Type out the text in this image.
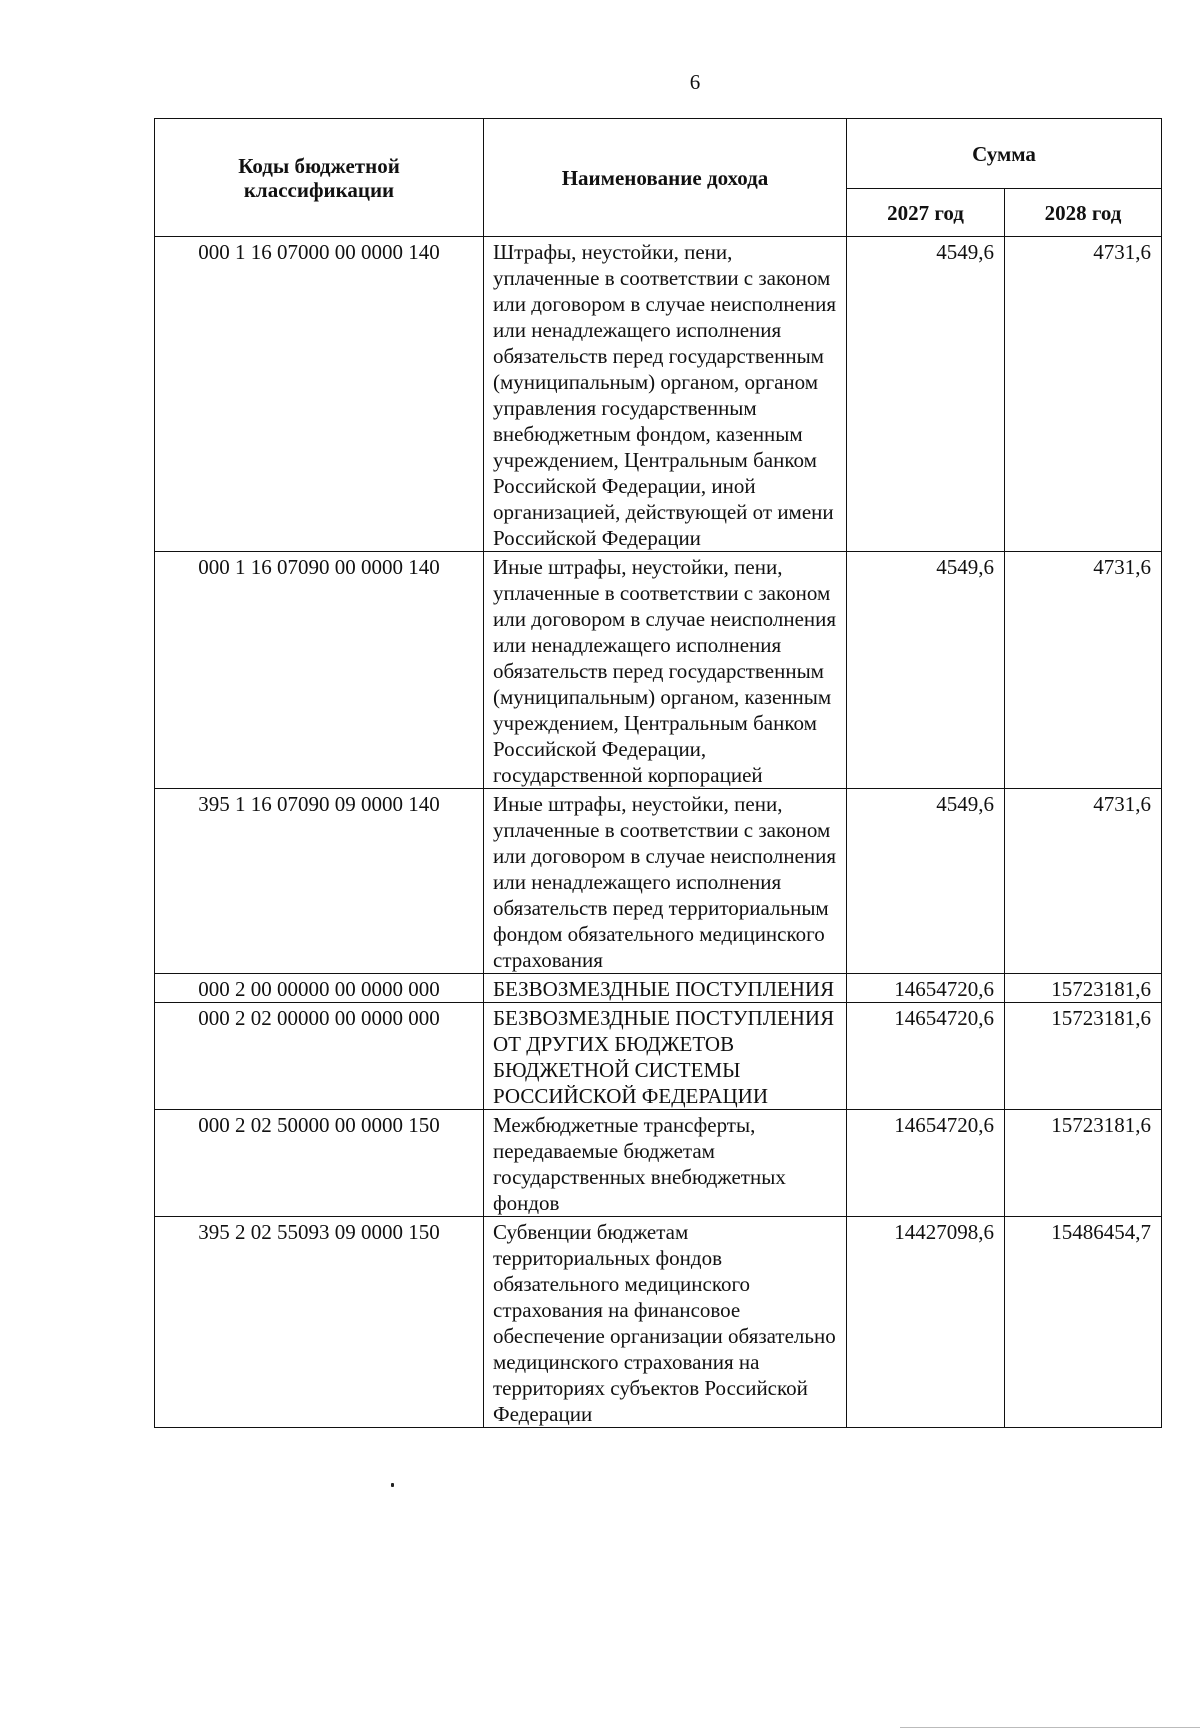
6
Коды бюджетной классификации	Наименование дохода	Сумма	
		2027 год	2028 год
000 1 16 07000 00 0000 140	Штрафы, неустойки, пени, уплаченные в соответствии с законом или договором в случае неисполнения или ненадлежащего исполнения обязательств перед государственным (муниципальным) органом, органом управления государственным внебюджетным фондом, казенным учреждением, Центральным банком Российской Федерации, иной организацией, действующей от имени Российской Федерации	4549,6	4731,6
000 1 16 07090 00 0000 140	Иные штрафы, неустойки, пени, уплаченные в соответствии с законом или договором в случае неисполнения или ненадлежащего исполнения обязательств перед государственным (муниципальным) органом, казенным учреждением, Центральным банком Российской Федерации, государственной корпорацией	4549,6	4731,6
395 1 16 07090 09 0000 140	Иные штрафы, неустойки, пени, уплаченные в соответствии с законом или договором в случае неисполнения или ненадлежащего исполнения обязательств перед территориальным фондом обязательного медицинского страхования	4549,6	4731,6
000 2 00 00000 00 0000 000	БЕЗВОЗМЕЗДНЫЕ ПОСТУПЛЕНИЯ	14654720,6	15723181,6
000 2 02 00000 00 0000 000	БЕЗВОЗМЕЗДНЫЕ ПОСТУПЛЕНИЯ ОТ ДРУГИХ БЮДЖЕТОВ БЮДЖЕТНОЙ СИСТЕМЫ РОССИЙСКОЙ ФЕДЕРАЦИИ	14654720,6	15723181,6
000 2 02 50000 00 0000 150	Межбюджетные трансферты, передаваемые бюджетам государственных внебюджетных фондов	14654720,6	15723181,6
395 2 02 55093 09 0000 150	Субвенции бюджетам территориальных фондов обязательного медицинского страхования на финансовое обеспечение организации обязательно медицинского страхования на территориях субъектов Российской Федерации	14427098,6	15486454,7
